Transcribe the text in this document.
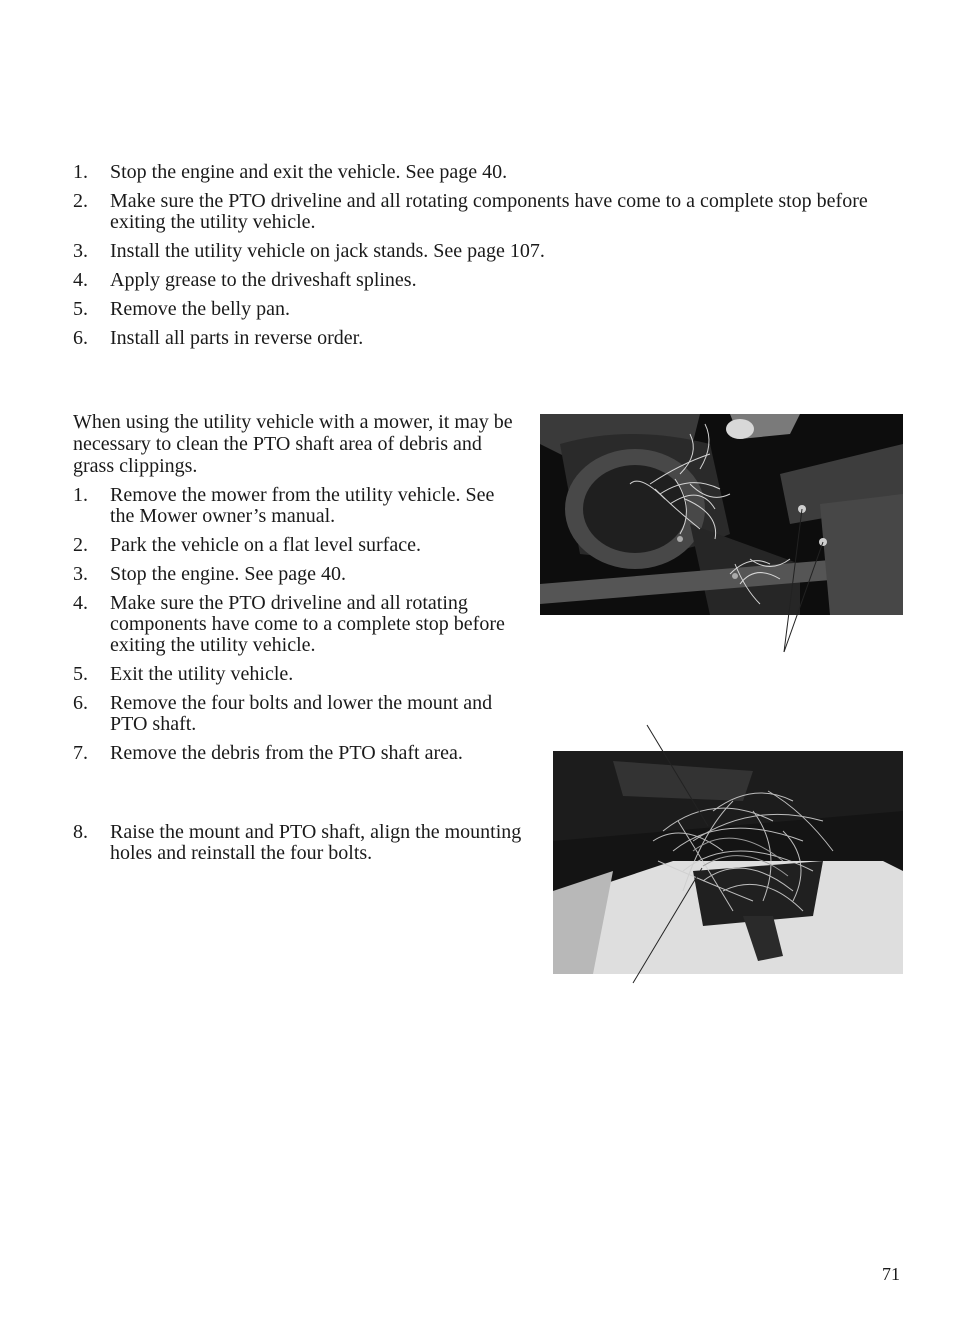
1. Stop the engine and exit the vehicle. See page 40.
2. Make sure the PTO driveline and all rotating components have come to a complete stop before exiting the utility vehicle.
3. Install the utility vehicle on jack stands. See page 107.
4. Apply grease to the driveshaft splines.
5. Remove the belly pan.
6. Install all parts in reverse order.

When using the utility vehicle with a mower, it may be necessary to clean the PTO shaft area of debris and grass clippings.

1. Remove the mower from the utility vehicle. See the Mower owner’s manual.
2. Park the vehicle on a flat level surface.
3. Stop the engine. See page 40.
4. Make sure the PTO driveline and all rotating components have come to a complete stop before exiting the utility vehicle.
5. Exit the utility vehicle.
6. Remove the four bolts and lower the mount and PTO shaft.
7. Remove the debris from the PTO shaft area.
8. Raise the mount and PTO shaft, align the mounting holes and reinstall the four bolts.
71
